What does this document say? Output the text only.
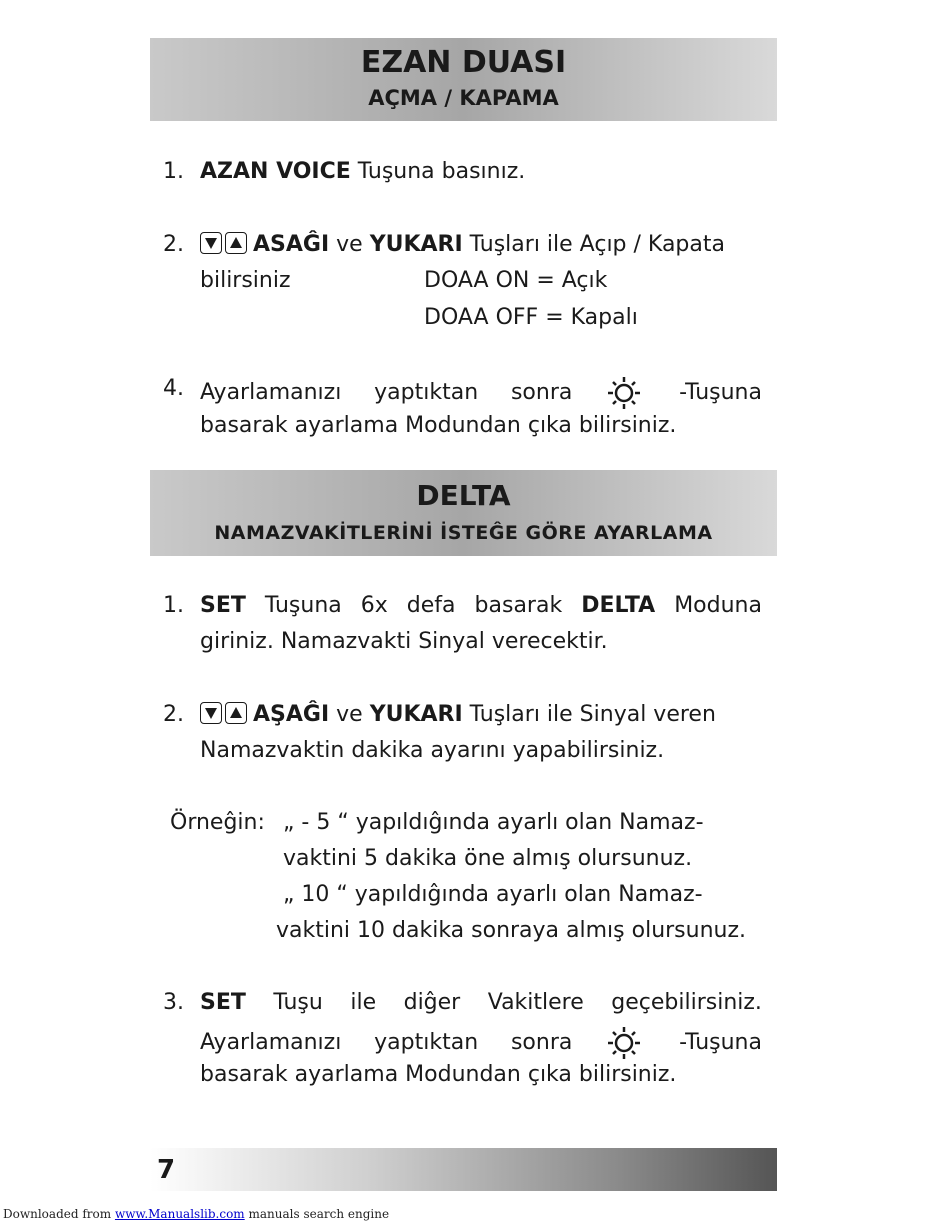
EZAN DUASI
AÇMA / KAPAMA
1. AZAN VOICE Tuşuna basınız.
2.	ASAĜI ve YUKARI Tuşları ile Açıp / Kapata
bilirsiniz	DOAA ON = Açık
DOAA OFF = Kapalı
4. Ayarlamanızı yaptıktan sonra	-Tuşuna
basarak ayarlama Modundan çıka bilirsiniz.
DELTA
NAMAZVAKİTLERİNİ İSTEĜE GÖRE AYARLAMA
1. SET Tuşuna 6x defa basarak DELTA Moduna
giriniz. Namazvakti Sinyal verecektir.
2.	AŞAĜI ve YUKARI Tuşları ile Sinyal veren
Namazvaktin dakika ayarını yapabilirsiniz.
Örneĝin: „ - 5 “ yapıldıĝında ayarlı olan Namaz-
vaktini 5 dakika öne almış olursunuz.
„ 10 “ yapıldıĝında ayarlı olan Namaz-
vaktini 10 dakika sonraya almış olursunuz.
3. SET Tuşu ile diĝer Vakitlere geçebilirsiniz.
Ayarlamanızı yaptıktan sonra	-Tuşuna
basarak ayarlama Modundan çıka bilirsiniz.
7
Downloaded from www.Manualslib.com manuals search engine
